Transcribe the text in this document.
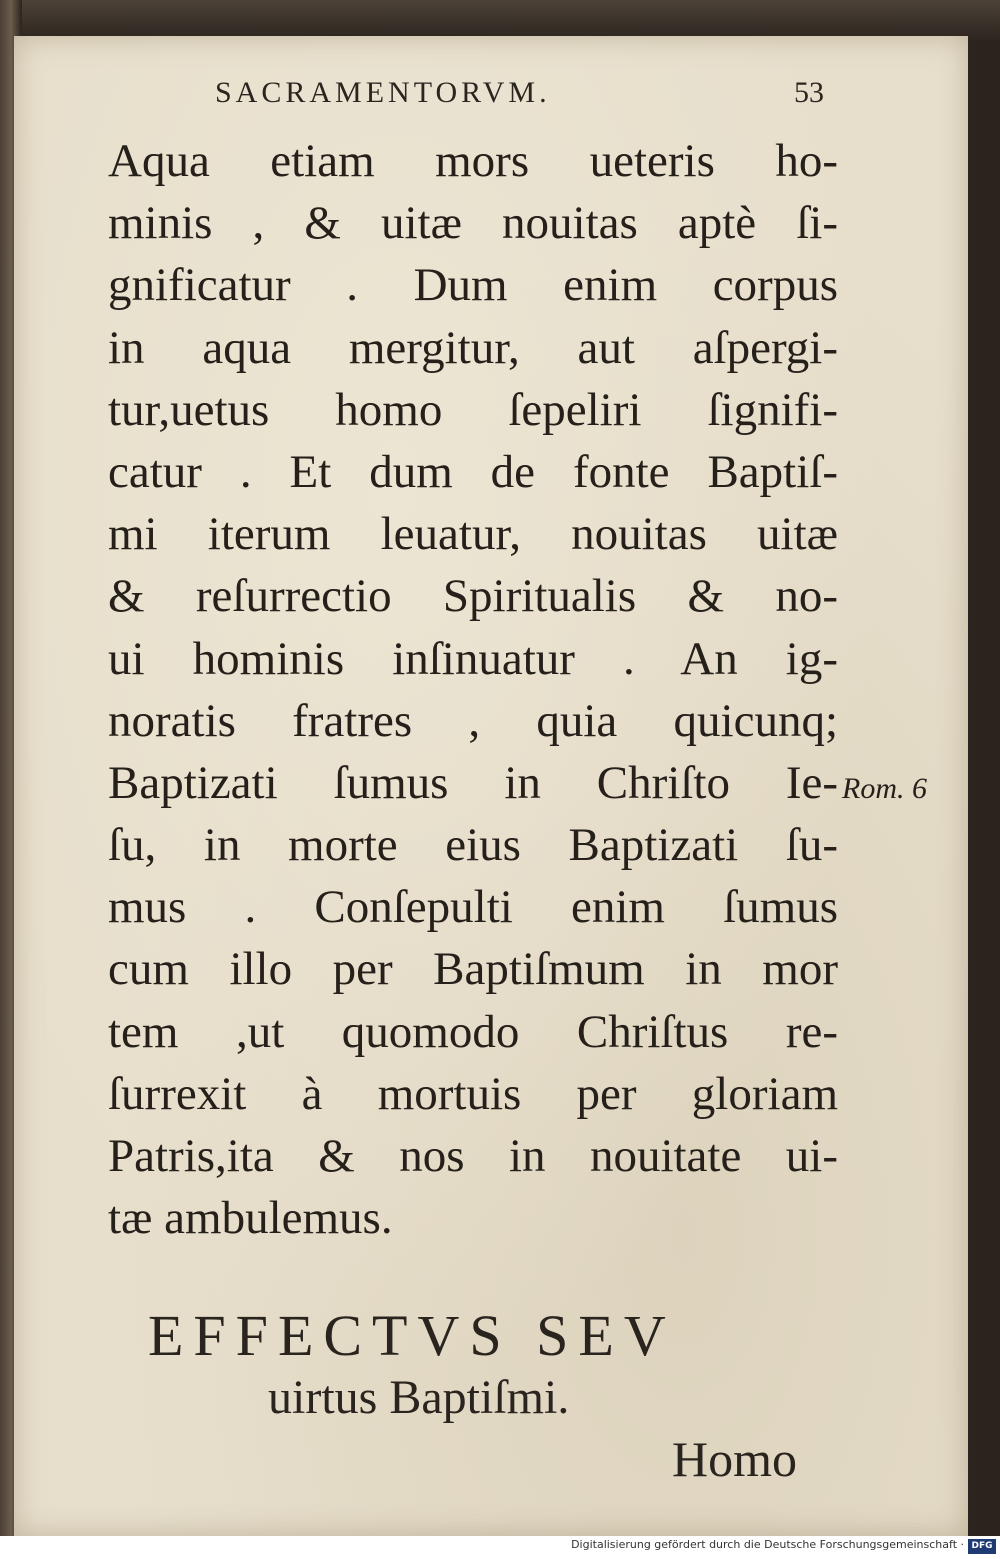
SACRAMENTORVM.	53
Aqua etiam mors ueteris ho-
minis , & uitæ nouitas aptè ſi-
gnificatur . Dum enim corpus
in aqua mergitur, aut aſpergi-
tur,uetus homo ſepeliri ſignifi-
catur . Et dum de fonte Baptiſ-
mi iterum leuatur, nouitas uitæ
& reſurrectio Spiritualis & no-
ui hominis inſinuatur . An ig-
noratis fratres , quia quicunq;
Baptizati ſumus in Chriſto Ie-
ſu, in morte eius Baptizati ſu-
mus . Conſepulti enim ſumus
cum illo per Baptiſmum in mor
tem ,ut quomodo Chriſtus re-
ſurrexit à mortuis per gloriam
Patris,ita & nos in nouitate ui-
tæ ambulemus.
Rom. 6
EFFECTVS SEV
uirtus Baptiſmi.
Homo
Digitalisierung gefördert durch die Deutsche Forschungsgemeinschaft · DFG
